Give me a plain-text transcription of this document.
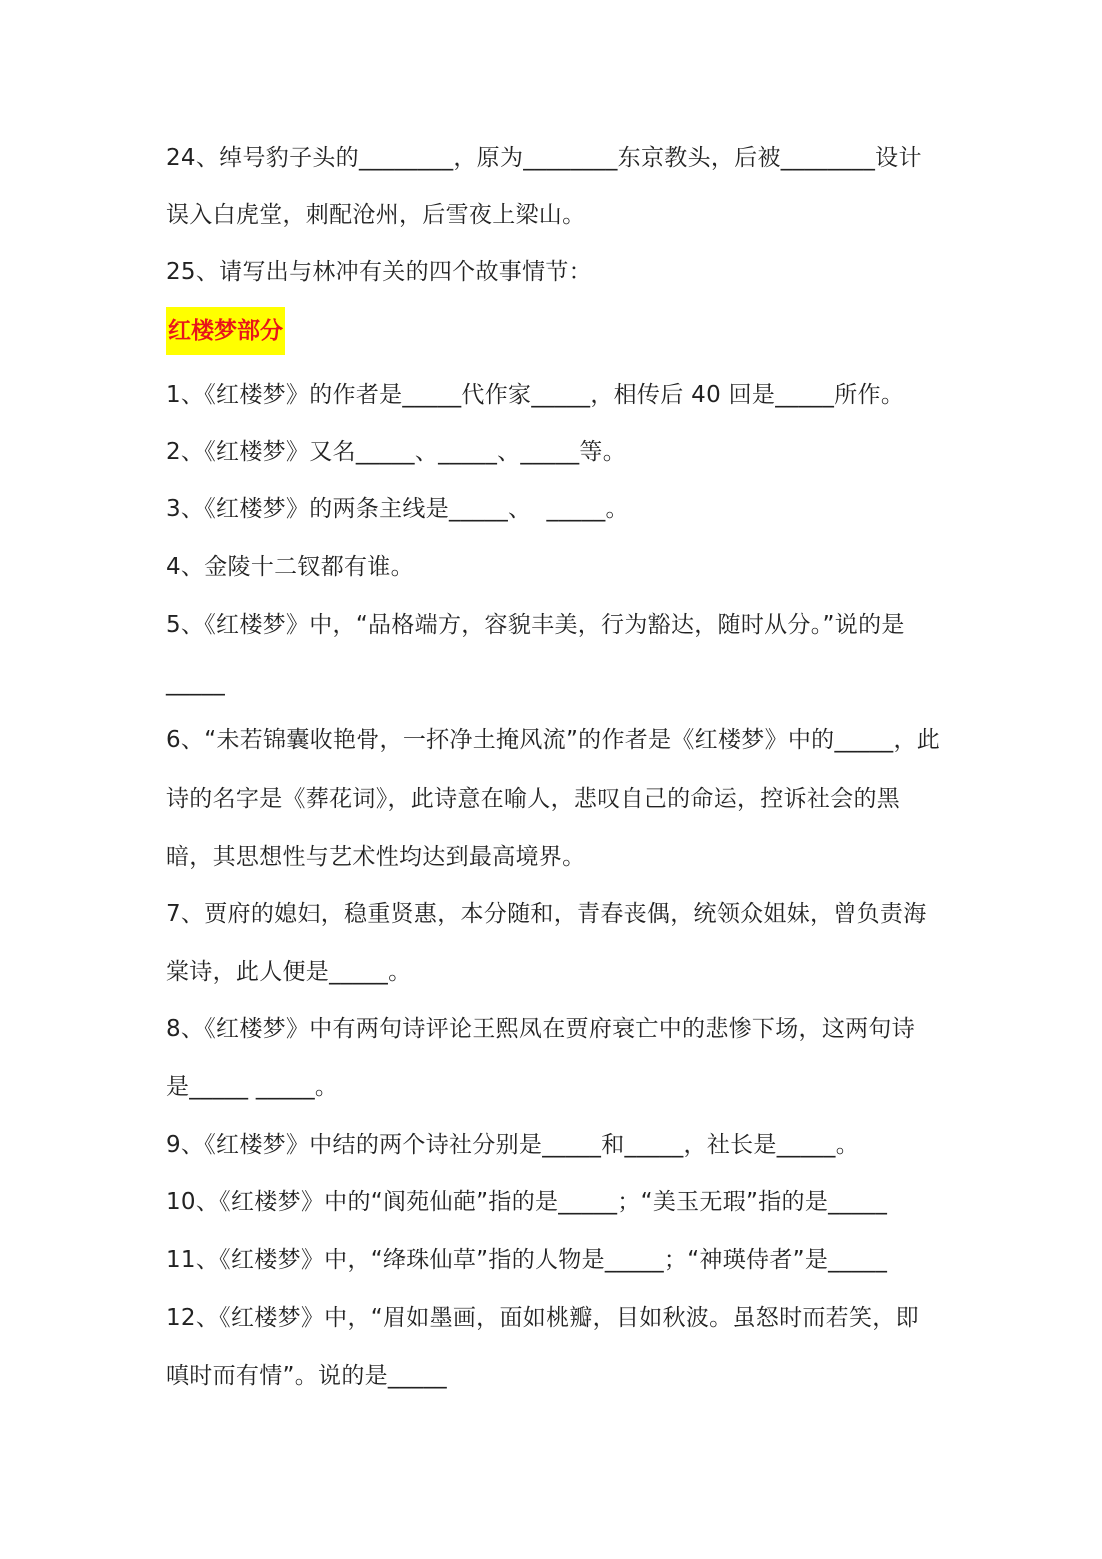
24、绰号豹子头的________，原为________东京教头，后被________设计
误入白虎堂，刺配沧州，后雪夜上梁山。
25、请写出与林冲有关的四个故事情节：
红楼梦部分
1、《红楼梦》的作者是_____代作家_____，相传后 40 回是_____所作。
2、《红楼梦》又名_____、_____、_____等。
3、《红楼梦》的两条主线是_____、  _____。
4、金陵十二钗都有谁。
5、《红楼梦》中，“品格端方，容貌丰美，行为豁达，随时从分。”说的是
_____
6、“未若锦囊收艳骨，一抔净土掩风流”的作者是《红楼梦》中的_____，此
诗的名字是《葬花词》，此诗意在喻人，悲叹自己的命运，控诉社会的黑
暗，其思想性与艺术性均达到最高境界。
7、贾府的媳妇，稳重贤惠，本分随和，青春丧偶，统领众姐妹，曾负责海
棠诗，此人便是_____。
8、《红楼梦》中有两句诗评论王熙凤在贾府衰亡中的悲惨下场，这两句诗
是_____ _____。
9、《红楼梦》中结的两个诗社分别是_____和_____，社长是_____。
10、《红楼梦》中的“阆苑仙葩”指的是_____；“美玉无瑕”指的是_____
11、《红楼梦》中，“绛珠仙草”指的人物是_____；“神瑛侍者”是_____
12、《红楼梦》中，“眉如墨画，面如桃瓣，目如秋波。虽怒时而若笑，即
嗔时而有情”。说的是_____
